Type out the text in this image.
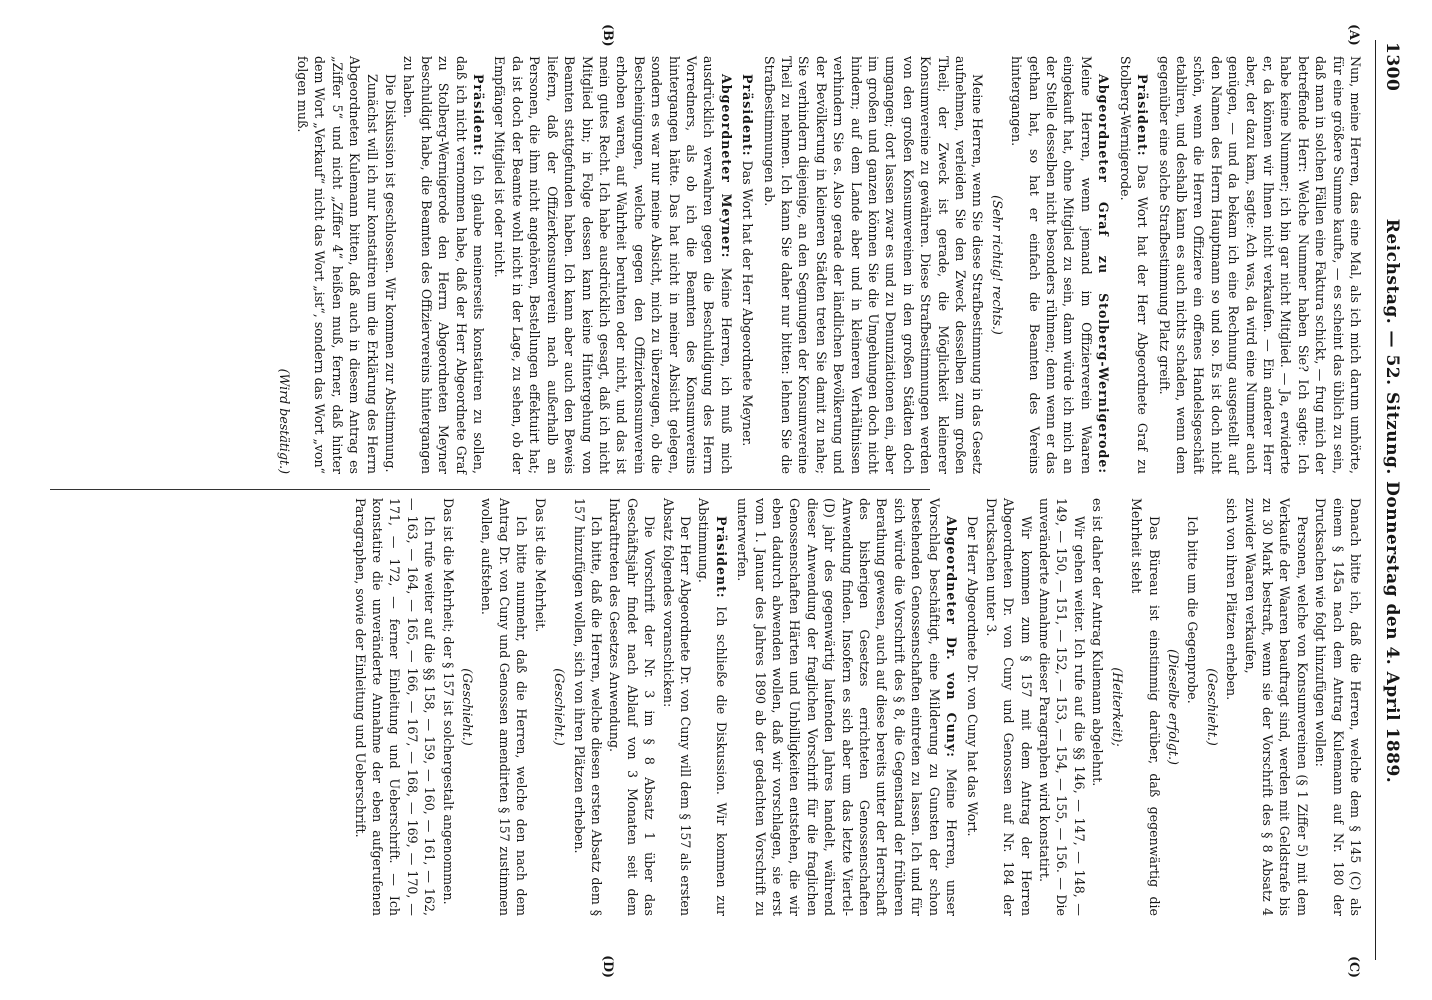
1300
Reichstag. — 52. Sitzung. Donnerstag den 4. April 1889.
(A)
(B)
(C)
(D)

Nun, meine Herren, das eine Mal, als ich mich darum umhörte, für eine größere Summe kaufte, — es scheint das üblich zu sein, daß man in solchen Fällen eine Faktura schickt, — frug mich der betreffende Herr: Welche Nummer haben Sie? Ich sagte: Ich habe keine Nummer; ich bin gar nicht Mitglied. — Ja, erwiderte er, da können wir Ihnen nicht verkaufen. — Ein anderer Herr aber, der dazu kam, sagte: Ach was, da wird eine Nummer auch genügen, — und da bekam ich eine Rechnung ausgestellt auf den Namen des Herrn Hauptmann so und so. Es ist doch nicht schön, wenn die Herren Offiziere ein offenes Handelsgeschäft etabliren, und deshalb kann es auch nichts schaden, wenn dem gegenüber eine solche Strafbestimmung Platz greift.

Präsident: Das Wort hat der Herr Abgeordnete Graf zu Stolberg-Wernigerode.

Abgeordneter Graf zu Stolberg-Wernigerode: Meine Herren, wenn jemand im Offizierverein Waaren eingekauft hat, ohne Mitglied zu sein, dann würde ich mich an der Stelle desselben nicht besonders rühmen; denn wenn er das gethan hat, so hat er einfach die Beamten des Vereins hintergangen.

(Sehr richtig! rechts.)

Meine Herren, wenn Sie diese Strafbestimmung in das Gesetz aufnehmen, verleiden Sie den Zweck desselben zum großen Theil; der Zweck ist gerade, die Möglichkeit kleinerer Konsumvereine zu gewähren. Diese Strafbestimmungen werden von den großen Konsumvereinen in den großen Städten doch umgangen; dort lassen zwar es und zu Denunziationen ein, aber im großen und ganzen können Sie die Umgehungen doch nicht hindern; auf dem Lande aber und in kleineren Verhältnissen verhindern Sie es. Also gerade der ländlichen Bevölkerung und der Bevölkerung in kleineren Städten treten Sie damit zu nahe; Sie verhindern diejenige, an den Segnungen der Konsumvereine Theil zu nehmen. Ich kann Sie daher nur bitten: lehnen Sie die Strafbestimmungen ab.

Präsident: Das Wort hat der Herr Abgeordnete Meyner.

Abgeordneter Meyner: Meine Herren, ich muß mich ausdrücklich verwahren gegen die Beschuldigung des Herrn Vorredners, als ob ich die Beamten des Konsumvereins hintergangen hätte. Das hat nicht in meiner Absicht gelegen, sondern es war nur meine Absicht, mich zu überzeugen, ob die Bescheinigungen, welche gegen den Offizierkonsumverein erhoben waren, auf Wahrheit beruhten oder nicht, und das ist mein gutes Recht. Ich habe ausdrücklich gesagt, daß ich nicht Mitglied bin; in Folge dessen kann keine Hintergehung von Beamten stattgefunden haben. Ich kann aber auch den Beweis liefern, daß der Offizierkonsumverein nach außerhalb an Personen, die ihm nicht angehören, Bestellungen effektuirt hat; da ist doch der Beamte wohl nicht in der Lage, zu sehen, ob der Empfänger Mitglied ist oder nicht.

Präsident: Ich glaube meinerseits konstatiren zu sollen, daß ich nicht vernommen habe, daß der Herr Abgeordnete Graf zu Stolberg-Wernigerode den Herrn Abgeordneten Meyner beschuldigt habe, die Beamten des Offiziervereins hintergangen zu haben.

Die Diskussion ist geschlossen. Wir kommen zur Abstimmung.

Zunächst will ich nur konstatiren um die Erklärung des Herrn Abgeordneten Kulemann bitten, daß auch in diesem Antrag es „Ziffer 5“ und nicht „Ziffer 4“ heißen muß, ferner, daß hinter dem Wort „Verkauf“ nicht das Wort „ist“, sondern das Wort „von“ folgen muß.

(Wird bestätigt.)

Danach bitte ich, daß die Herren, welche dem § 145 (C) als einem § 145a nach dem Antrag Kulemann auf Nr. 180 der Drucksachen wie folgt hinzufügen wollen:

Personen, welche von Konsumvereinen (§ 1 Ziffer 5) mit dem Verkaufe der Waaren beauftragt sind, werden mit Geldstrafe bis zu 30 Mark bestraft, wenn sie der Vorschrift des § 8 Absatz 4 zuwider Waaren verkaufen,

sich von ihren Plätzen erheben.

(Geschieht.)

Ich bitte um die Gegenprobe.

(Dieselbe erfolgt.)

Das Büreau ist einstimmig darüber, daß gegenwärtig die Mehrheit steht

(Heiterkeit);

es ist daher der Antrag Kulemann abgelehnt.

Wir gehen weiter. Ich rufe auf die §§ 146, — 147, — 148, — 149, — 150, — 151, — 152, — 153, — 154, — 155, — 156. — Die unveränderte Annahme dieser Paragraphen wird konstatirt.

Wir kommen zum § 157 mit dem Antrag der Herren Abgeordneten Dr. von Cuny und Genossen auf Nr. 184 der Drucksachen unter 3.

Der Herr Abgeordnete Dr. von Cuny hat das Wort.

Abgeordneter Dr. von Cuny: Meine Herren, unser Vorschlag beschäftigt, eine Milderung zu Gunsten der schon bestehenden Genossenschaften eintreten zu lassen. Ich und für sich würde die Vorschrift des § 8, die Gegenstand der früheren Berathung gewesen, auch auf diese bereits unter der Herrschaft des bisherigen Gesetzes errichteten Genossenschaften Anwendung finden. Insofern es sich aber um das letzte Viertel- (D) jahr des gegenwärtig laufenden Jahres handelt, während dieser Anwendung der fraglichen Vorschrift für die fraglichen Genossenschaften Härten und Unbilligkeiten entstehen, die wir eben dadurch abwenden wollen, daß wir vorschlagen, sie erst vom 1. Januar des Jahres 1890 ab der gedachten Vorschrift zu unterwerfen.

Präsident: Ich schließe die Diskussion. Wir kommen zur Abstimmung.

Der Herr Abgeordnete Dr. von Cuny will dem § 157 als ersten Absatz folgendes voranschicken:

Die Vorschrift der Nr. 3 im § 8 Absatz 1 über das Geschäftsjahr findet nach Ablauf von 3 Monaten seit dem Inkrafttreten des Gesetzes Anwendung.

Ich bitte, daß die Herren, welche diesen ersten Absatz dem § 157 hinzufügen wollen, sich von ihren Plätzen erheben.

(Geschieht.)

Das ist die Mehrheit.

Ich bitte nunmehr, daß die Herren, welche den nach dem Antrag Dr. von Cuny und Genossen amendirten § 157 zustimmen wollen, aufstehen.

(Geschieht.)

Das ist die Mehrheit; der § 157 ist solchergestalt angenommen.

Ich rufe weiter auf die §§ 158, — 159, — 160, — 161, — 162, — 163, — 164, — 165, — 166, — 167, — 168, — 169, — 170, — 171, — 172, — ferner Einleitung und Ueberschrift. — Ich konstatire die unveränderte Annahme der eben aufgerufenen Paragraphen, sowie der Einleitung und Ueberschrift.
